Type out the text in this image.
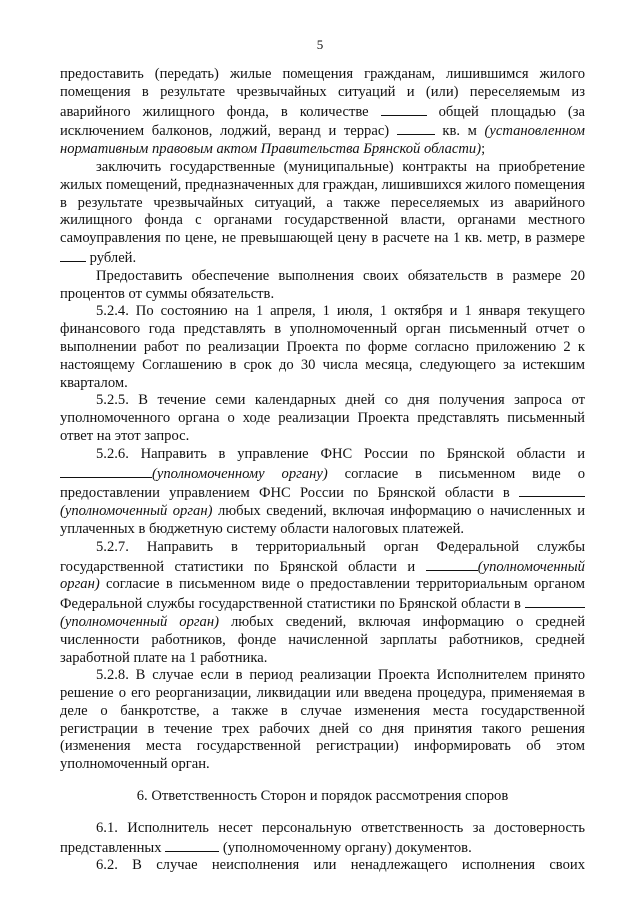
5

предоставить (передать) жилые помещения гражданам, лишившимся жилого помещения в результате чрезвычайных ситуаций и (или) переселяемым из аварийного жилищного фонда, в количестве	общей площадью (за исключением балконов, лоджий, веранд и террас)	кв. м (установленном нормативным правовым актом Правительства Брянской области);

заключить государственные (муниципальные) контракты на приобретение жилых помещений, предназначенных для граждан, лишившихся жилого помещения в результате чрезвычайных ситуаций, а также переселяемых из аварийного жилищного фонда с органами государственной власти, органами местного самоуправления по цене, не превышающей цену в расчете на 1 кв. метр, в размере  рублей.

Предоставить обеспечение выполнения своих обязательств в размере 20 процентов от суммы обязательств.

5.2.4. По состоянию на 1 апреля, 1 июля, 1 октября и 1 января текущего финансового года представлять в уполномоченный орган письменный отчет о выполнении работ по реализации Проекта по форме согласно приложению 2 к настоящему Соглашению в срок до 30 числа месяца, следующего за истекшим кварталом.

5.2.5. В течение семи календарных дней со дня получения запроса от уполномоченного органа о ходе реализации Проекта представлять письменный ответ на этот запрос.

5.2.6. Направить в управление ФНС России по Брянской области и (уполномоченному органу) согласие в письменном виде о предоставлении управлением ФНС России по Брянской области в  (уполномоченный орган) любых сведений, включая информацию о начисленных и уплаченных в бюджетную систему области налоговых платежей.

5.2.7. Направить в территориальный орган Федеральной службы государственной статистики по Брянской области и	(уполномоченный орган) согласие в письменном виде о предоставлении территориальным органом Федеральной службы государственной статистики по Брянской области в (уполномоченный орган) любых сведений, включая информацию о средней численности работников, фонде начисленной зарплаты работников, средней заработной плате на 1 работника.

5.2.8. В случае если в период реализации Проекта Исполнителем принято решение о его реорганизации, ликвидации или введена процедура, применяемая в деле о банкротстве, а также в случае изменения места государственной регистрации в течение трех рабочих дней со дня принятия такого решения (изменения места государственной регистрации) информировать об этом уполномоченный орган.

6. Ответственность Сторон и порядок рассмотрения споров

6.1. Исполнитель несет персональную ответственность за достоверность представленных	(уполномоченному органу) документов.

6.2. В случае неисполнения или ненадлежащего исполнения своих
